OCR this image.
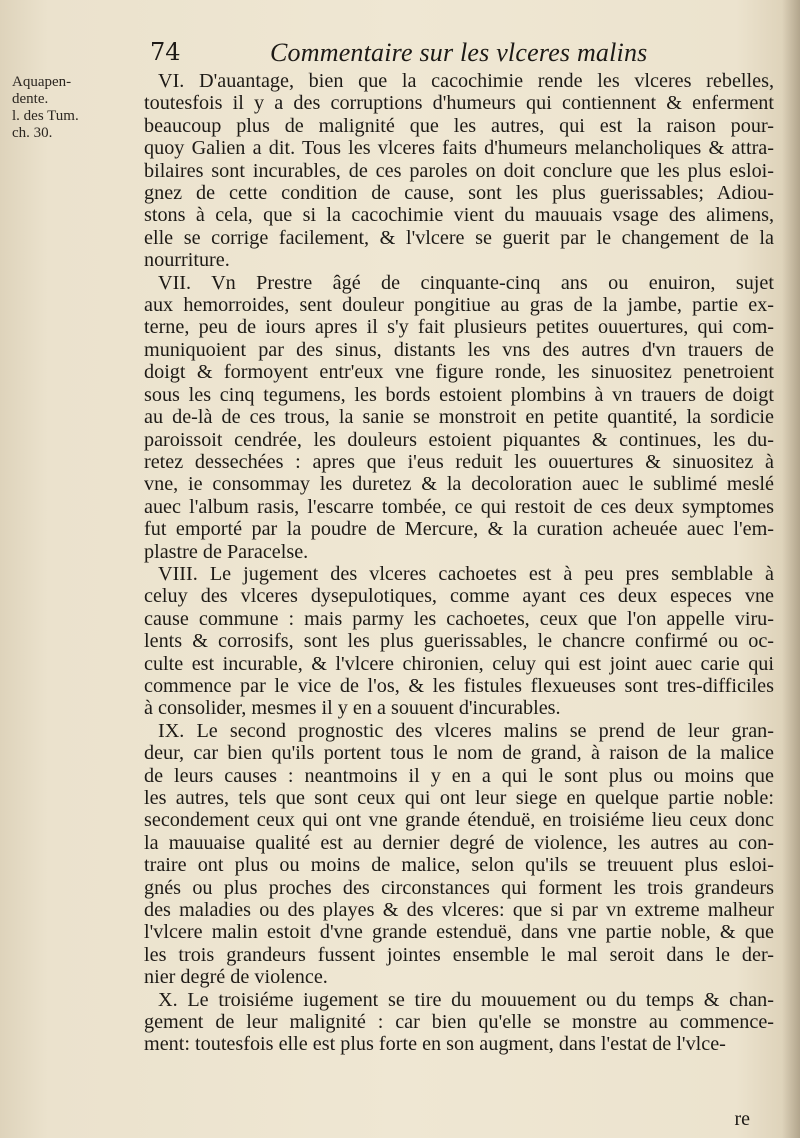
74	Commentaire sur les vlceres malins
Aquapen-
dente.
l. des Tum.
ch. 30.
VI. D'auantage, bien que la cacochimie rende les vlceres rebelles,
toutesfois il y a des corruptions d'humeurs qui contiennent & enferment
beaucoup plus de malignité que les autres, qui est la raison pour-
quoy Galien a dit. Tous les vlceres faits d'humeurs melancholiques & attra-
bilaires sont incurables, de ces paroles on doit conclure que les plus esloi-
gnez de cette condition de cause, sont les plus guerissables; Adiou-
stons à cela, que si la cacochimie vient du mauuais vsage des alimens,
elle se corrige facilement, & l'vlcere se guerit par le changement de la
nourriture.
VII. Vn Prestre âgé de cinquante-cinq ans ou enuiron, sujet
aux hemorroides, sent douleur pongitiue au gras de la jambe, partie ex-
terne, peu de iours apres il s'y fait plusieurs petites ouuertures, qui com-
muniquoient par des sinus, distants les vns des autres d'vn trauers de
doigt & formoyent entr'eux vne figure ronde, les sinuositez penetroient
sous les cinq tegumens, les bords estoient plombins à vn trauers de doigt
au de-là de ces trous, la sanie se monstroit en petite quantité, la sordicie
paroissoit cendrée, les douleurs estoient piquantes & continues, les du-
retez dessechées : apres que i'eus reduit les ouuertures & sinuositez à
vne, ie consommay les duretez & la decoloration auec le sublimé meslé
auec l'album rasis, l'escarre tombée, ce qui restoit de ces deux symptomes
fut emporté par la poudre de Mercure, & la curation acheuée auec l'em-
plastre de Paracelse.
VIII. Le jugement des vlceres cachoetes est à peu pres semblable à
celuy des vlceres dysepulotiques, comme ayant ces deux especes vne
cause commune : mais parmy les cachoetes, ceux que l'on appelle viru-
lents & corrosifs, sont les plus guerissables, le chancre confirmé ou oc-
culte est incurable, & l'vlcere chironien, celuy qui est joint auec carie qui
commence par le vice de l'os, & les fistules flexueuses sont tres-difficiles
à consolider, mesmes il y en a souuent d'incurables.
IX. Le second prognostic des vlceres malins se prend de leur gran-
deur, car bien qu'ils portent tous le nom de grand, à raison de la malice
de leurs causes : neantmoins il y en a qui le sont plus ou moins que
les autres, tels que sont ceux qui ont leur siege en quelque partie noble:
secondement ceux qui ont vne grande étenduë, en troisiéme lieu ceux donc
la mauuaise qualité est au dernier degré de violence, les autres au con-
traire ont plus ou moins de malice, selon qu'ils se treuuent plus esloi-
gnés ou plus proches des circonstances qui forment les trois grandeurs
des maladies ou des playes & des vlceres: que si par vn extreme malheur
l'vlcere malin estoit d'vne grande estenduë, dans vne partie noble, & que
les trois grandeurs fussent jointes ensemble le mal seroit dans le der-
nier degré de violence.
X. Le troisiéme iugement se tire du mouuement ou du temps & chan-
gement de leur malignité : car bien qu'elle se monstre au commence-
ment: toutesfois elle est plus forte en son augment, dans l'estat de l'vlce-
re
